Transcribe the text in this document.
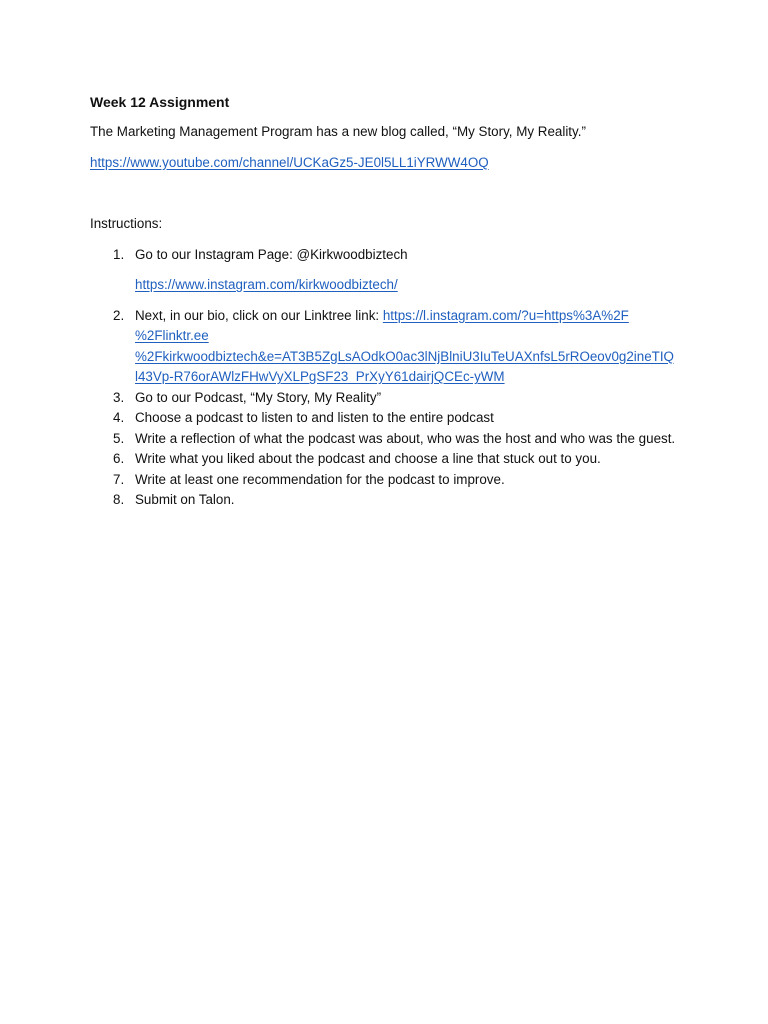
Week 12 Assignment
The Marketing Management Program has a new blog called, “My Story, My Reality.”
https://www.youtube.com/channel/UCKaGz5-JE0l5LL1iYRWW4OQ
Instructions:
1. Go to our Instagram Page: @Kirkwoodbiztech
https://www.instagram.com/kirkwoodbiztech/
2. Next, in our bio, click on our Linktree link: https://l.instagram.com/?u=https%3A%2F
%2Flinktr.ee
%2Fkirkwoodbiztech&e=AT3B5ZgLsAOdkO0ac3lNjBlniU3IuTeUAXnfsL5rROeov0g2ineTIQ
l43Vp-R76orAWlzFHwVyXLPgSF23_PrXyY61dairjQCEc-yWM
3. Go to our Podcast, “My Story, My Reality”
4. Choose a podcast to listen to and listen to the entire podcast
5. Write a reflection of what the podcast was about, who was the host and who was the guest.
6. Write what you liked about the podcast and choose a line that stuck out to you.
7. Write at least one recommendation for the podcast to improve.
8. Submit on Talon.
